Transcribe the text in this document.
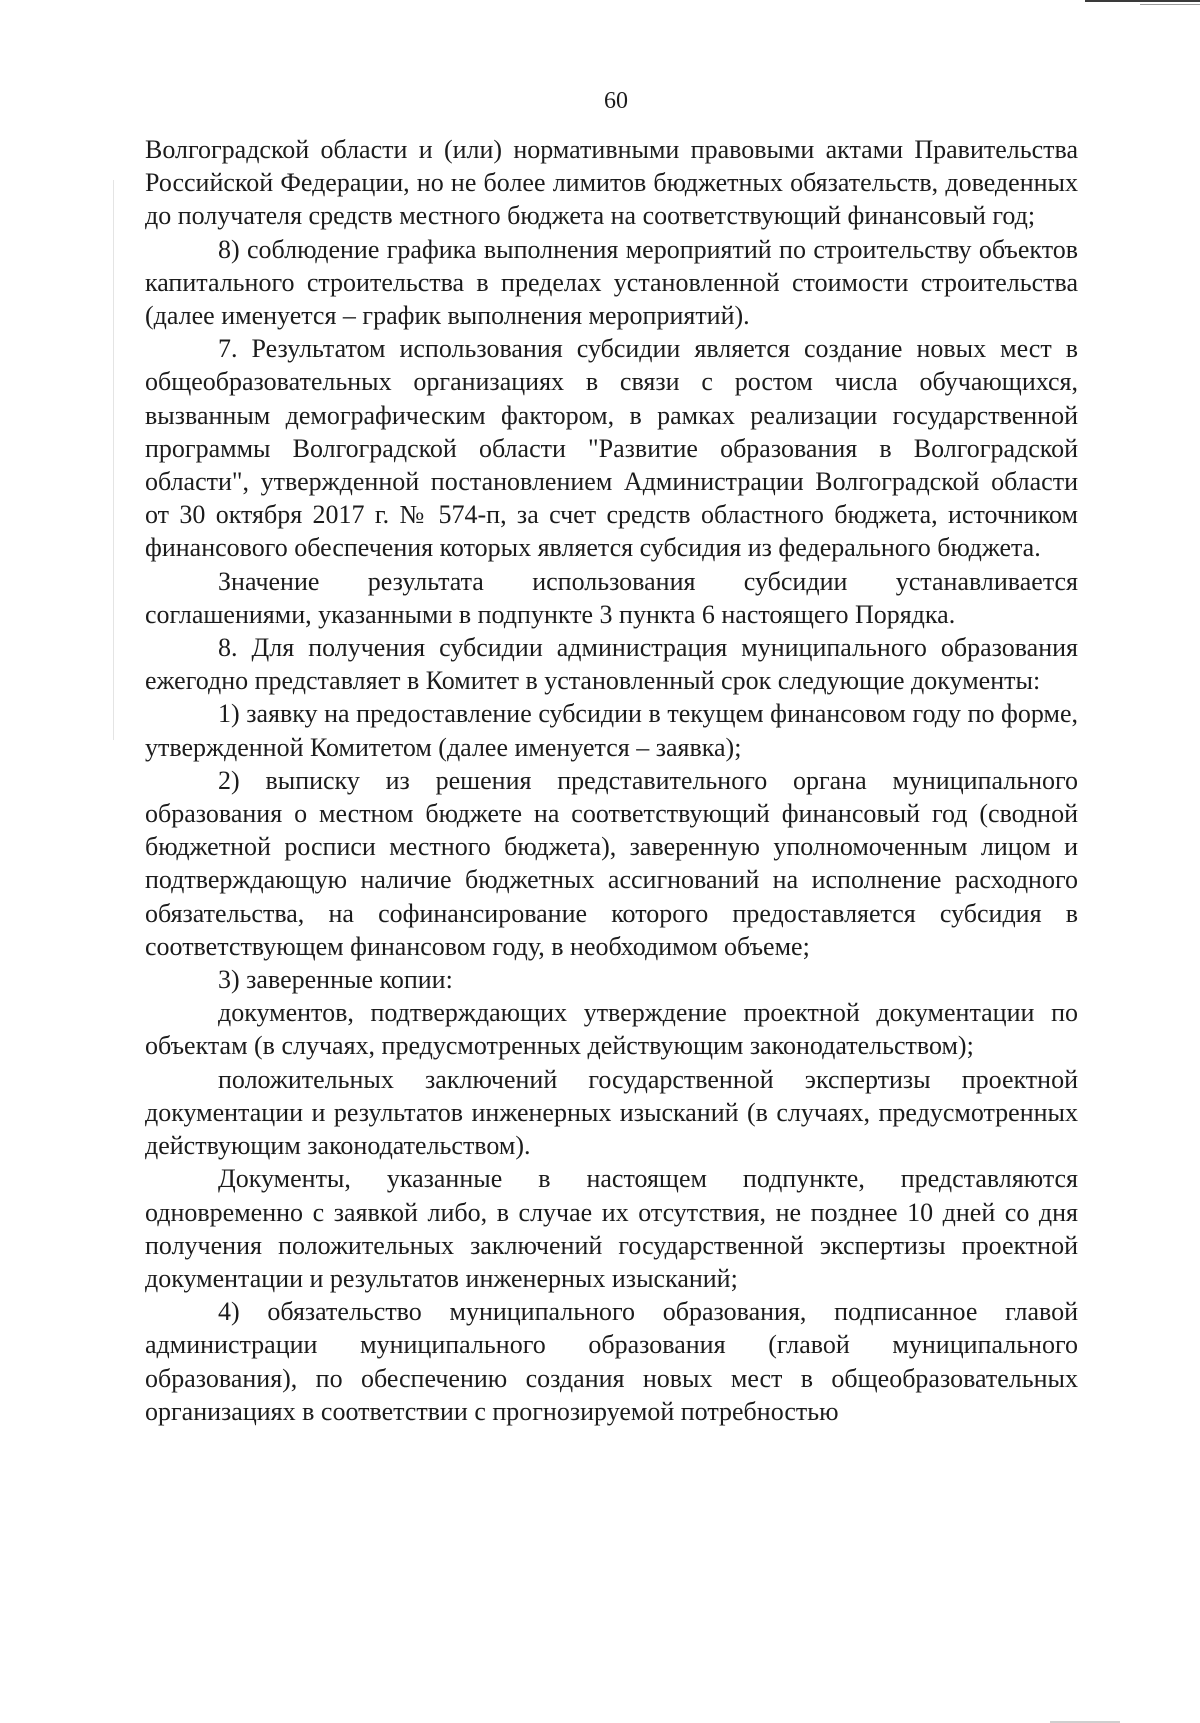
60

Волгоградской области и (или) нормативными правовыми актами Правительства Российской Федерации, но не более лимитов бюджетных обязательств, доведенных до получателя средств местного бюджета на соответствующий финансовый год;

8) соблюдение графика выполнения мероприятий по строительству объектов капитального строительства в пределах установленной стоимости строительства (далее именуется – график выполнения мероприятий).

7. Результатом использования субсидии является создание новых мест в общеобразовательных организациях в связи с ростом числа обучающихся, вызванным демографическим фактором, в рамках реализации государственной программы Волгоградской области "Развитие образования в Волгоградской области", утвержденной постановлением Администрации Волгоградской области от 30 октября 2017 г. № 574-п, за счет средств областного бюджета, источником финансового обеспечения которых является субсидия из федерального бюджета.

Значение результата использования субсидии устанавливается соглашениями, указанными в подпункте 3 пункта 6 настоящего Порядка.

8. Для получения субсидии администрация муниципального образования ежегодно представляет в Комитет в установленный срок следующие документы:

1) заявку на предоставление субсидии в текущем финансовом году по форме, утвержденной Комитетом (далее именуется – заявка);

2) выписку из решения представительного органа муниципального образования о местном бюджете на соответствующий финансовый год (сводной бюджетной росписи местного бюджета), заверенную уполномоченным лицом и подтверждающую наличие бюджетных ассигнований на исполнение расходного обязательства, на софинансирование которого предоставляется субсидия в соответствующем финансовом году, в необходимом объеме;

3) заверенные копии:

документов, подтверждающих утверждение проектной документации по объектам (в случаях, предусмотренных действующим законодательством);

положительных заключений государственной экспертизы проектной документации и результатов инженерных изысканий (в случаях, предусмотренных действующим законодательством).

Документы, указанные в настоящем подпункте, представляются одновременно с заявкой либо, в случае их отсутствия, не позднее 10 дней со дня получения положительных заключений государственной экспертизы проектной документации и результатов инженерных изысканий;

4) обязательство муниципального образования, подписанное главой администрации муниципального образования (главой муниципального образования), по обеспечению создания новых мест в общеобразовательных организациях в соответствии с прогнозируемой потребностью
